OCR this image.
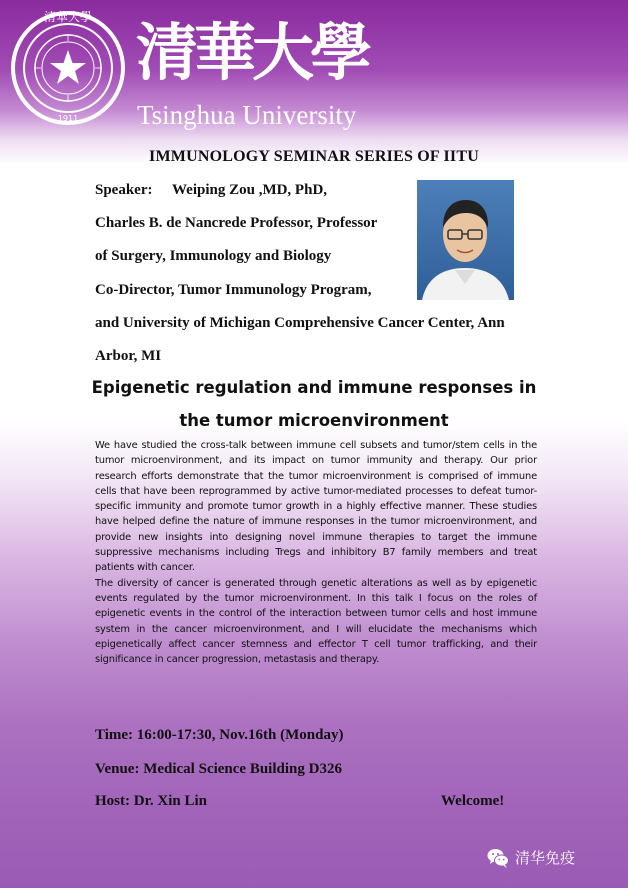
清華大學
1911
清華大學
Tsinghua University
IMMUNOLOGY SEMINAR SERIES OF IITU
Speaker: Weiping Zou ,MD, PhD,
Charles B. de Nancrede Professor, Professor
of Surgery, Immunology and Biology
Co-Director, Tumor Immunology Program,
and University of Michigan Comprehensive Cancer Center, Ann
Arbor, MI
Epigenetic regulation and immune responses in
the tumor microenvironment

We have studied the cross-talk between immune cell subsets and tumor/stem cells in the tumor microenvironment, and its impact on tumor immunity and therapy. Our prior research efforts demonstrate that the tumor microenvironment is comprised of immune cells that have been reprogrammed by active tumor-mediated processes to defeat tumor-specific immunity and promote tumor growth in a highly effective manner. These studies have helped define the nature of immune responses in the tumor microenvironment, and provide new insights into designing novel immune therapies to target the immune suppressive mechanisms including Tregs and inhibitory B7 family members and treat patients with cancer.

The diversity of cancer is generated through genetic alterations as well as by epigenetic events regulated by the tumor microenvironment. In this talk I focus on the roles of epigenetic events in the control of the interaction between tumor cells and host immune system in the cancer microenvironment, and I will elucidate the mechanisms which epigenetically affect cancer stemness and effector T cell tumor trafficking, and their significance in cancer progression, metastasis and therapy.

Time: 16:00-17:30, Nov.16th (Monday)
Venue: Medical Science Building D326
Host: Dr. Xin Lin	Welcome!
清华免疫
